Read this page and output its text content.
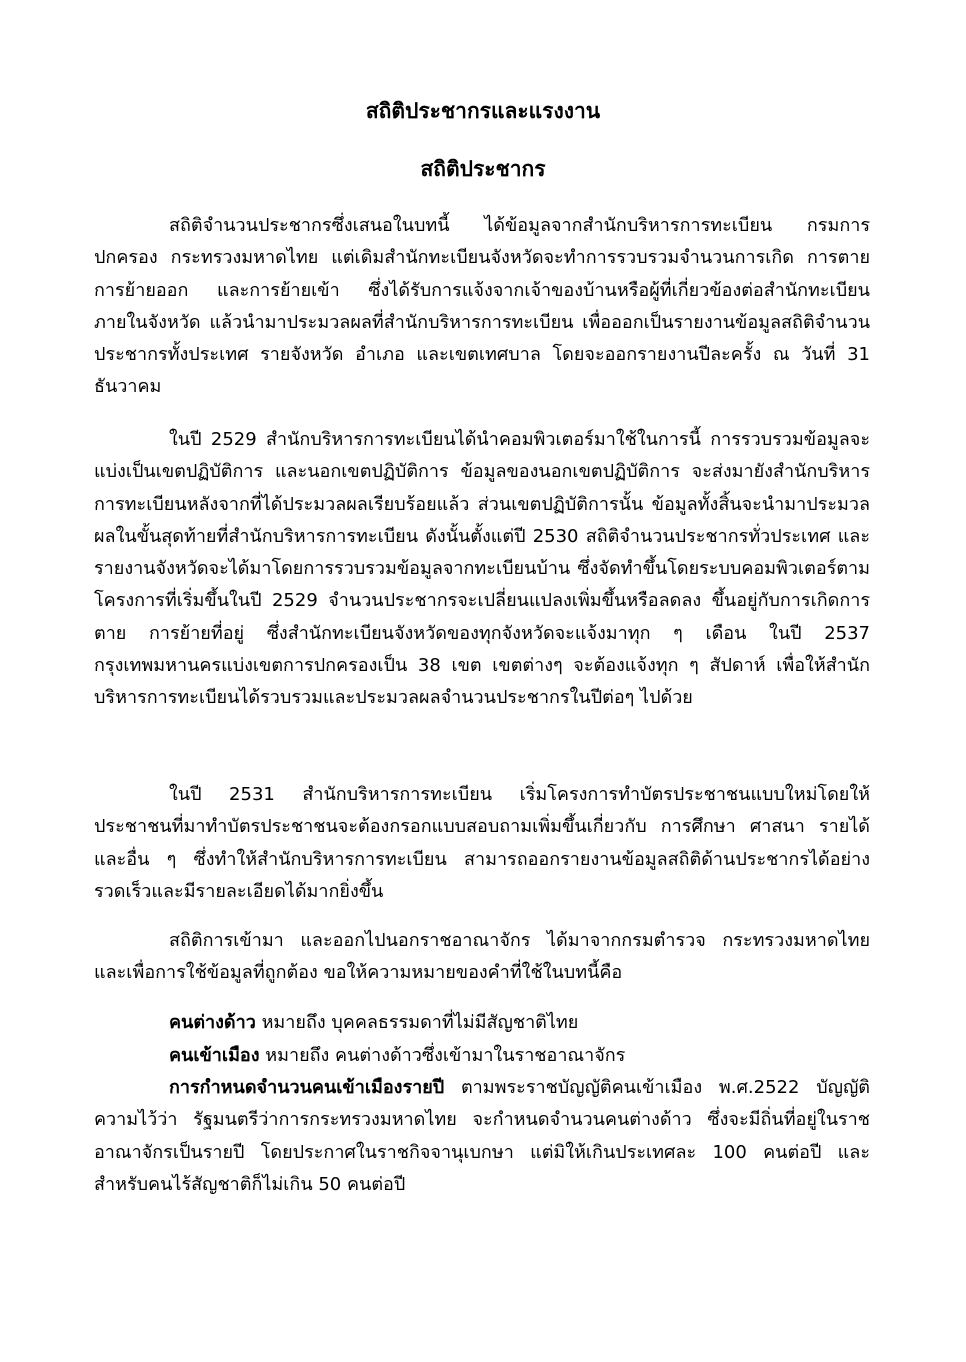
สถิติประชากรและแรงงาน
สถิติประชากร

สถิติจำนวนประชากรซึ่งเสนอในบทนี้ ได้ข้อมูลจากสำนักบริหารการทะเบียน กรมการปกครอง กระทรวงมหาดไทย แต่เดิมสำนักทะเบียนจังหวัดจะทำการรวบรวมจำนวนการเกิด การตาย การย้ายออก และการย้ายเข้า ซึ่งได้รับการแจ้งจากเจ้าของบ้านหรือผู้ที่เกี่ยวข้องต่อสำนักทะเบียนภายในจังหวัด แล้วนำมาประมวลผลที่สำนักบริหารการทะเบียน เพื่อออกเป็นรายงานข้อมูลสถิติจำนวนประชากรทั้งประเทศ รายจังหวัด อำเภอ และเขตเทศบาล โดยจะออกรายงานปีละครั้ง ณ วันที่ 31 ธันวาคม

ในปี 2529 สำนักบริหารการทะเบียนได้นำคอมพิวเตอร์มาใช้ในการนี้ การรวบรวมข้อมูลจะแบ่งเป็นเขตปฏิบัติการ และนอกเขตปฏิบัติการ ข้อมูลของนอกเขตปฏิบัติการ จะส่งมายังสำนักบริหารการทะเบียนหลังจากที่ได้ประมวลผลเรียบร้อยแล้ว ส่วนเขตปฏิบัติการนั้น ข้อมูลทั้งสิ้นจะนำมาประมวลผลในขั้นสุดท้ายที่สำนักบริหารการทะเบียน ดังนั้นตั้งแต่ปี 2530 สถิติจำนวนประชากรทั่วประเทศ และรายงานจังหวัดจะได้มาโดยการรวบรวมข้อมูลจากทะเบียนบ้าน ซึ่งจัดทำขึ้นโดยระบบคอมพิวเตอร์ตามโครงการที่เริ่มขึ้นในปี 2529 จำนวนประชากรจะเปลี่ยนแปลงเพิ่มขึ้นหรือลดลง ขึ้นอยู่กับการเกิดการตาย การย้ายที่อยู่ ซึ่งสำนักทะเบียนจังหวัดของทุกจังหวัดจะแจ้งมาทุก ๆ เดือน ในปี 2537 กรุงเทพมหานครแบ่งเขตการปกครองเป็น 38 เขต เขตต่างๆ จะต้องแจ้งทุก ๆ สัปดาห์ เพื่อให้สำนักบริหารการทะเบียนได้รวบรวมและประมวลผลจำนวนประชากรในปีต่อๆ ไปด้วย

ในปี 2531 สำนักบริหารการทะเบียน เริ่มโครงการทำบัตรประชาชนแบบใหม่โดยให้ประชาชนที่มาทำบัตรประชาชนจะต้องกรอกแบบสอบถามเพิ่มขึ้นเกี่ยวกับ การศึกษา ศาสนา รายได้ และอื่น ๆ ซึ่งทำให้สำนักบริหารการทะเบียน สามารถออกรายงานข้อมูลสถิติด้านประชากรได้อย่างรวดเร็วและมีรายละเอียดได้มากยิ่งขึ้น

สถิติการเข้ามา และออกไปนอกราชอาณาจักร ได้มาจากกรมตำรวจ กระทรวงมหาดไทย และเพื่อการใช้ข้อมูลที่ถูกต้อง ขอให้ความหมายของคำที่ใช้ในบทนี้คือ

คนต่างด้าว หมายถึง บุคคลธรรมดาที่ไม่มีสัญชาติไทย

คนเข้าเมือง หมายถึง คนต่างด้าวซึ่งเข้ามาในราชอาณาจักร

การกำหนดจำนวนคนเข้าเมืองรายปี ตามพระราชบัญญัติคนเข้าเมือง พ.ศ.2522 บัญญัติความไว้ว่า รัฐมนตรีว่าการกระทรวงมหาดไทย จะกำหนดจำนวนคนต่างด้าว ซึ่งจะมีถิ่นที่อยู่ในราชอาณาจักรเป็นรายปี โดยประกาศในราชกิจจานุเบกษา แต่มิให้เกินประเทศละ 100 คนต่อปี และสำหรับคนไร้สัญชาติก็ไม่เกิน 50 คนต่อปี
